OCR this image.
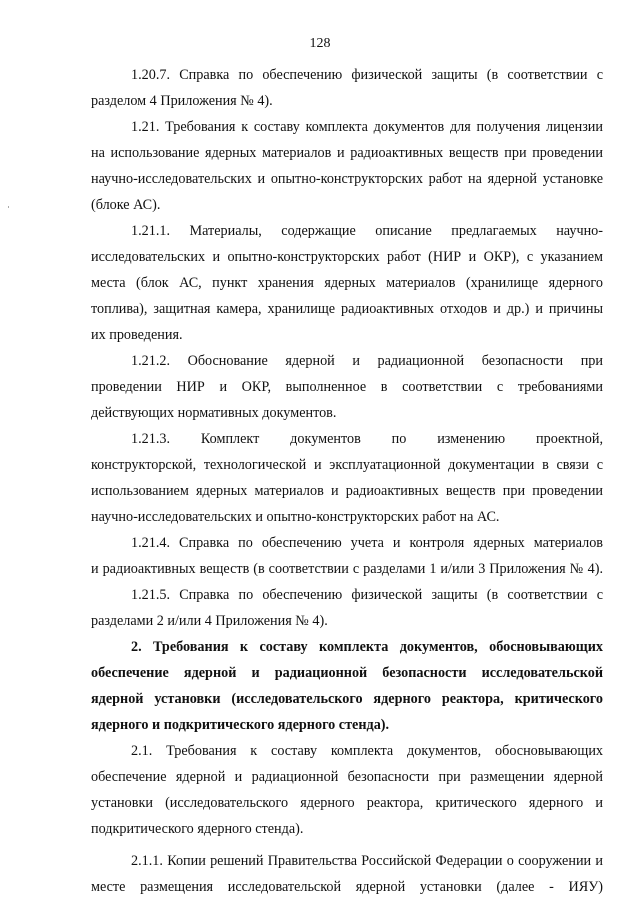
128
1.20.7. Справка по обеспечению физической защиты (в соответствии с
разделом 4 Приложения № 4).
1.21. Требования к составу комплекта документов для получения лицензии
на использование ядерных материалов и радиоактивных веществ при проведении
научно-исследовательских и опытно-конструкторских работ на ядерной установке
(блоке АС).
1.21.1. Материалы, содержащие описание предлагаемых научно-
исследовательских и опытно-конструкторских работ (НИР и ОКР), с указанием
места (блок АС, пункт хранения ядерных материалов (хранилище ядерного
топлива), защитная камера, хранилище радиоактивных отходов и др.) и причины
их проведения.
1.21.2. Обоснование ядерной и радиационной безопасности при
проведении НИР и ОКР, выполненное в соответствии с требованиями
действующих нормативных документов.
1.21.3. Комплект документов по изменению проектной,
конструкторской, технологической и эксплуатационной документации в связи с
использованием ядерных материалов и радиоактивных веществ при проведении
научно-исследовательских и опытно-конструкторских работ на АС.
1.21.4. Справка по обеспечению учета и контроля ядерных материалов
и радиоактивных веществ (в соответствии с разделами 1 и/или 3 Приложения № 4).
1.21.5. Справка по обеспечению физической защиты (в соответствии с
разделами 2 и/или 4 Приложения № 4).
2. Требования к составу комплекта документов, обосновывающих
обеспечение ядерной и радиационной безопасности исследовательской
ядерной установки (исследовательского ядерного реактора, критического
ядерного и подкритического ядерного стенда).
2.1. Требования к составу комплекта документов, обосновывающих
обеспечение ядерной и радиационной безопасности при размещении ядерной
установки (исследовательского ядерного реактора, критического ядерного и
подкритического ядерного стенда).
2.1.1. Копии решений Правительства Российской Федерации о сооружении и
месте размещения исследовательской ядерной установки (далее - ИЯУ)
